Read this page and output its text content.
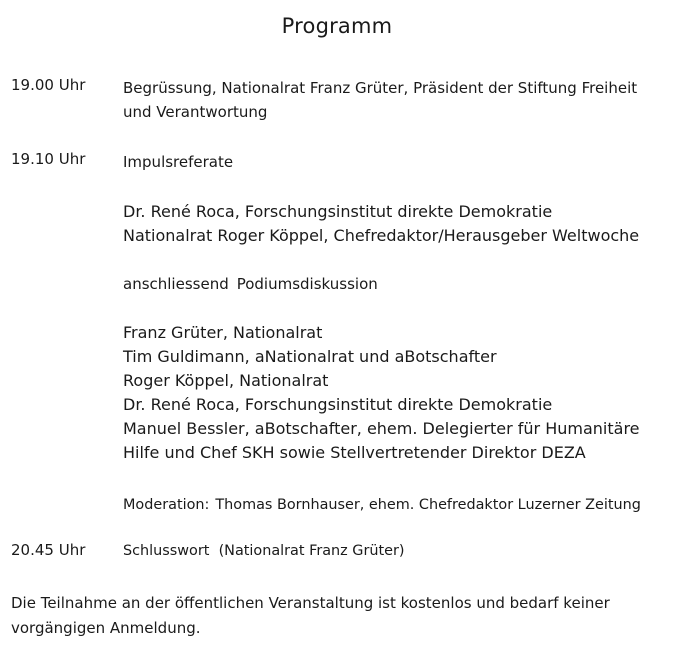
Programm
19.00 Uhr	Begrüssung, Nationalrat Franz Grüter, Präsident der Stiftung Freiheit
und Verantwortung
19.10 Uhr	Impulsreferate
Dr. René Roca, Forschungsinstitut direkte Demokratie
Nationalrat Roger Köppel, Chefredaktor/Herausgeber Weltwoche
anschliessend Podiumsdiskussion
Franz Grüter, Nationalrat
Tim Guldimann, aNationalrat und aBotschafter
Roger Köppel, Nationalrat
Dr. René Roca, Forschungsinstitut direkte Demokratie
Manuel Bessler, aBotschafter, ehem. Delegierter für Humanitäre
Hilfe und Chef SKH sowie Stellvertretender Direktor DEZA
Moderation: Thomas Bornhauser, ehem. Chefredaktor Luzerner Zeitung
20.45 Uhr	Schlusswort  (Nationalrat Franz Grüter)
Die Teilnahme an der öffentlichen Veranstaltung ist kostenlos und bedarf keiner
vorgängigen Anmeldung.
